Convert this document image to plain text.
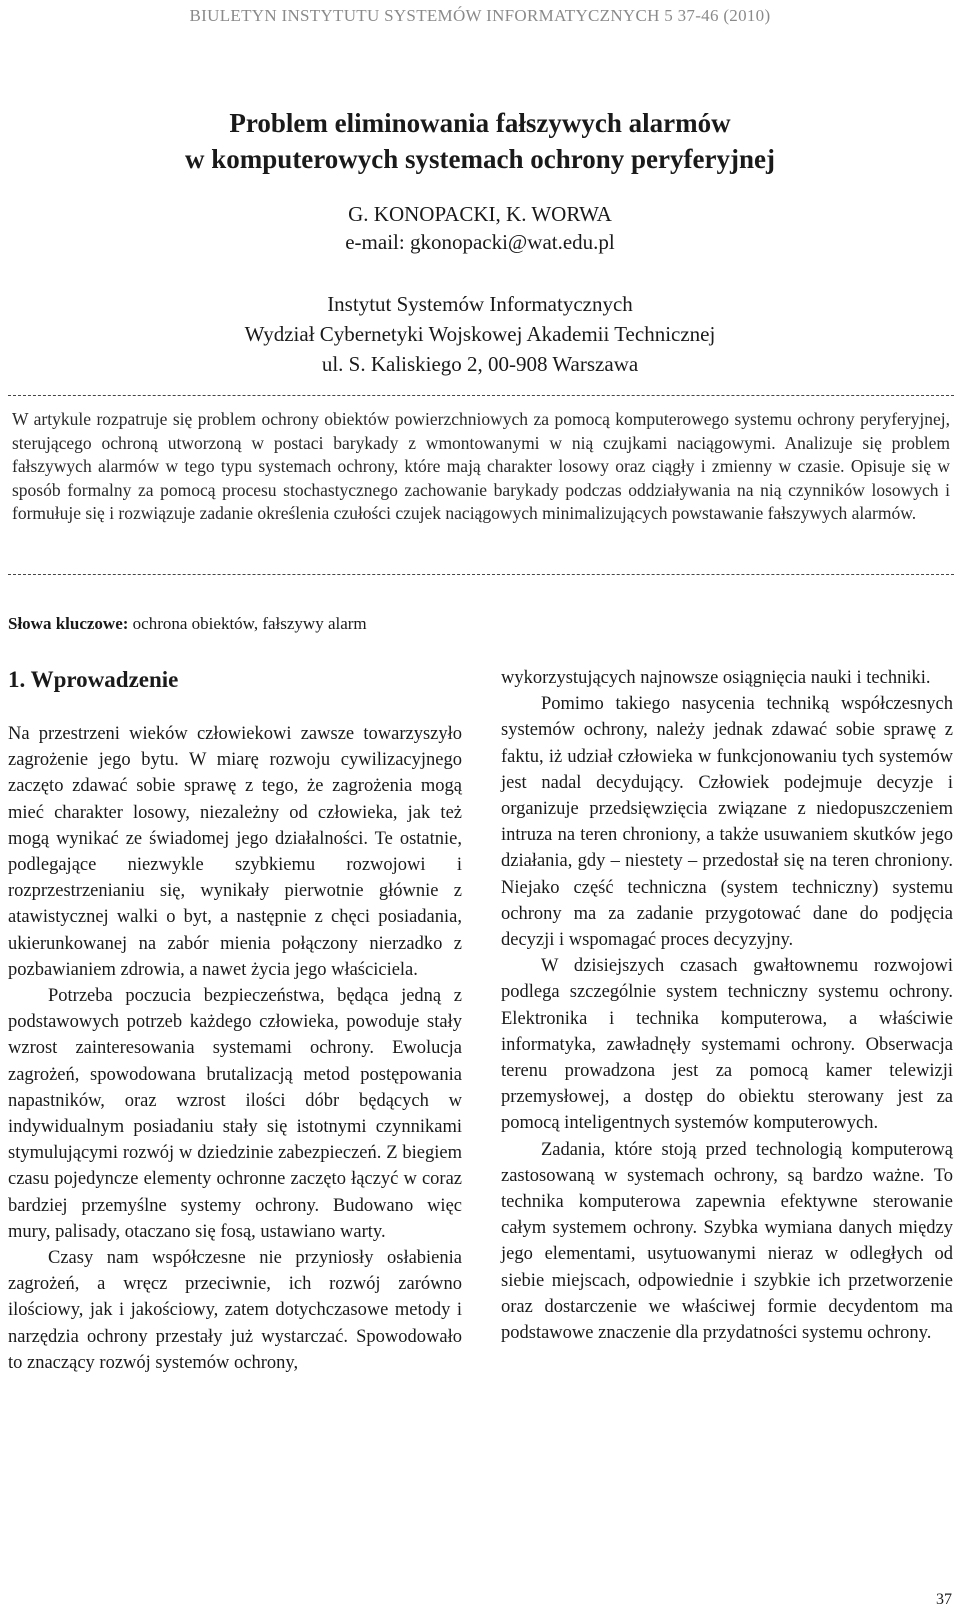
BIULETYN INSTYTUTU SYSTEMÓW INFORMATYCZNYCH 5 37-46 (2010)
Problem eliminowania fałszywych alarmów
w komputerowych systemach ochrony peryferyjnej
G. KONOPACKI, K. WORWA
e-mail: gkonopacki@wat.edu.pl
Instytut Systemów Informatycznych
Wydział Cybernetyki Wojskowej Akademii Technicznej
ul. S. Kaliskiego 2, 00-908 Warszawa
W artykule rozpatruje się problem ochrony obiektów powierzchniowych za pomocą komputerowego systemu ochrony peryferyjnej, sterującego ochroną utworzoną w postaci barykady z wmontowanymi w nią czujkami naciągowymi. Analizuje się problem fałszywych alarmów w tego typu systemach ochrony, które mają charakter losowy oraz ciągły i zmienny w czasie. Opisuje się w sposób formalny za pomocą procesu stochastycznego zachowanie barykady podczas oddziaływania na nią czynników losowych i formułuje się i rozwiązuje zadanie określenia czułości czujek naciągowych minimalizujących powstawanie fałszywych alarmów.
Słowa kluczowe: ochrona obiektów, fałszywy alarm
1. Wprowadzenie

Na przestrzeni wieków człowiekowi zawsze towarzyszyło zagrożenie jego bytu. W miarę rozwoju cywilizacyjnego zaczęto zdawać sobie sprawę z tego, że zagrożenia mogą mieć charakter losowy, niezależny od człowieka, jak też mogą wynikać ze świadomej jego działalności. Te ostatnie, podlegające niezwykle szybkiemu rozwojowi i rozprzestrzenianiu się, wynikały pierwotnie głównie z atawistycznej walki o byt, a następnie z chęci posiadania, ukierunkowanej na zabór mienia połączony nierzadko z pozbawianiem zdrowia, a nawet życia jego właściciela.

Potrzeba poczucia bezpieczeństwa, będąca jedną z podstawowych potrzeb każdego człowieka, powoduje stały wzrost zainteresowania systemami ochrony. Ewolucja zagrożeń, spowodowana brutalizacją metod postępowania napastników, oraz wzrost ilości dóbr będących w indywidualnym posiadaniu stały się istotnymi czynnikami stymulującymi rozwój w dziedzinie zabezpieczeń. Z biegiem czasu pojedyncze elementy ochronne zaczęto łączyć w coraz bardziej przemyślne systemy ochrony. Budowano więc mury, palisady, otaczano się fosą, ustawiano warty.

Czasy nam współczesne nie przyniosły osłabienia zagrożeń, a wręcz przeciwnie, ich rozwój zarówno ilościowy, jak i jakościowy, zatem dotychczasowe metody i narzędzia ochrony przestały już wystarczać. Spowodowało to znaczący rozwój systemów ochrony,

wykorzystujących najnowsze osiągnięcia nauki i techniki.

Pomimo takiego nasycenia techniką współczesnych systemów ochrony, należy jednak zdawać sobie sprawę z faktu, iż udział człowieka w funkcjonowaniu tych systemów jest nadal decydujący. Człowiek podejmuje decyzje i organizuje przedsięwzięcia związane z niedopuszczeniem intruza na teren chroniony, a także usuwaniem skutków jego działania, gdy – niestety – przedostał się na teren chroniony. Niejako część techniczna (system techniczny) systemu ochrony ma za zadanie przygotować dane do podjęcia decyzji i wspomagać proces decyzyjny.

W dzisiejszych czasach gwałtownemu rozwojowi podlega szczególnie system techniczny systemu ochrony. Elektronika i technika komputerowa, a właściwie informatyka, zawładnęły systemami ochrony. Obserwacja terenu prowadzona jest za pomocą kamer telewizji przemysłowej, a dostęp do obiektu sterowany jest za pomocą inteligentnych systemów komputerowych.

Zadania, które stoją przed technologią komputerową zastosowaną w systemach ochrony, są bardzo ważne. To technika komputerowa zapewnia efektywne sterowanie całym systemem ochrony. Szybka wymiana danych między jego elementami, usytuowanymi nieraz w odległych od siebie miejscach, odpowiednie i szybkie ich przetworzenie oraz dostarczenie we właściwej formie decydentom ma podstawowe znaczenie dla przydatności systemu ochrony.

37
